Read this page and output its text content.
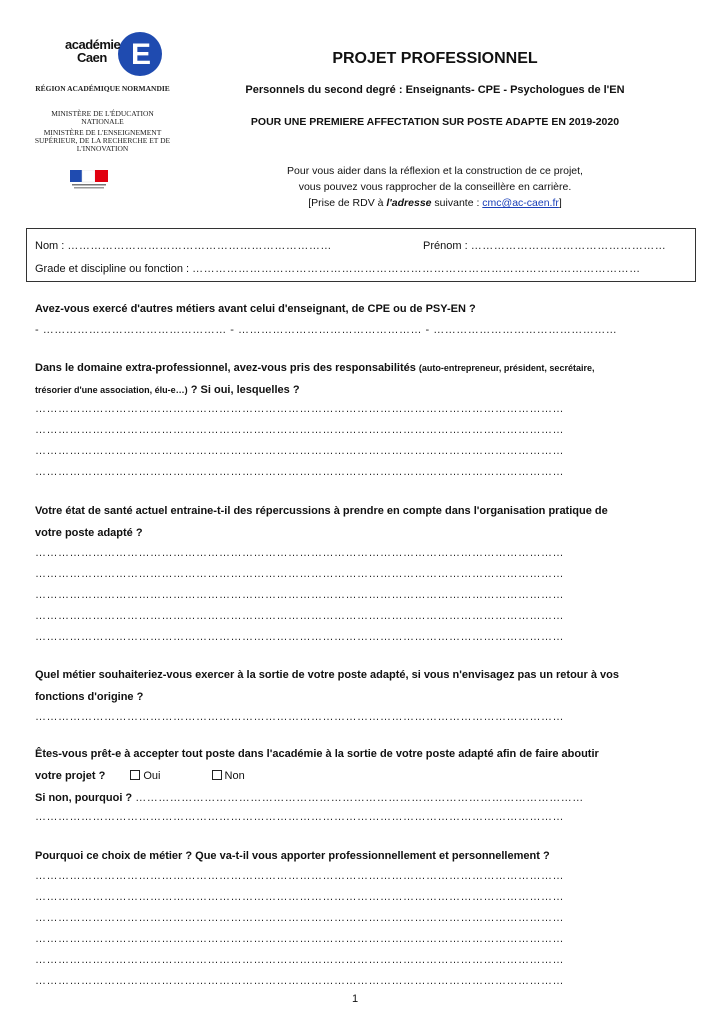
E
académie
Caen
RÉGION ACADÉMIQUE NORMANDIE
MINISTÈRE DE L'ÉDUCATION NATIONALE
MINISTÈRE DE L'ENSEIGNEMENT SUPÉRIEUR, DE LA RECHERCHE ET DE L'INNOVATION
PROJET PROFESSIONNEL
Personnels du second degré : Enseignants- CPE - Psychologues de l'EN
POUR UNE PREMIERE AFFECTATION SUR POSTE ADAPTE EN 2019-2020
Pour vous aider dans la réflexion et la construction de ce projet,
vous pouvez vous rapprocher de la conseillère en carrière.
[Prise de RDV à l'adresse suivante : cmc@ac-caen.fr]
Nom : ……………………………………………………………	Prénom : ……………………………………………
Grade et discipline ou fonction : ………………………………………………………………………………………………………
Avez-vous exercé d'autres métiers avant celui d'enseignant, de CPE ou de PSY-EN ?
- ………………………………………… - ………………………………………… - …………………………………………
Dans le domaine extra-professionnel, avez-vous pris des responsabilités (auto-entrepreneur, président, secrétaire,
trésorier d'une association, élu-e…) ? Si oui, lesquelles ?
…………………………………………………………………………………………………………………………
…………………………………………………………………………………………………………………………
…………………………………………………………………………………………………………………………
…………………………………………………………………………………………………………………………
Votre état de santé actuel entraine-t-il des répercussions à prendre en compte dans l'organisation pratique de
votre poste adapté ?
…………………………………………………………………………………………………………………………
…………………………………………………………………………………………………………………………
…………………………………………………………………………………………………………………………
…………………………………………………………………………………………………………………………
…………………………………………………………………………………………………………………………
Quel métier souhaiteriez-vous exercer à la sortie de votre poste adapté, si vous n'envisagez pas un retour à vos
fonctions d'origine ?
…………………………………………………………………………………………………………………………
Êtes-vous prêt-e à accepter tout poste dans l'académie à la sortie de votre poste adapté afin de faire aboutir
votre projet ?	Oui	Non
Si non, pourquoi ? ………………………………………………………………………………………………………
…………………………………………………………………………………………………………………………
Pourquoi ce choix de métier ? Que va-t-il vous apporter professionnellement et personnellement ?
…………………………………………………………………………………………………………………………
…………………………………………………………………………………………………………………………
…………………………………………………………………………………………………………………………
…………………………………………………………………………………………………………………………
…………………………………………………………………………………………………………………………
…………………………………………………………………………………………………………………………
1
